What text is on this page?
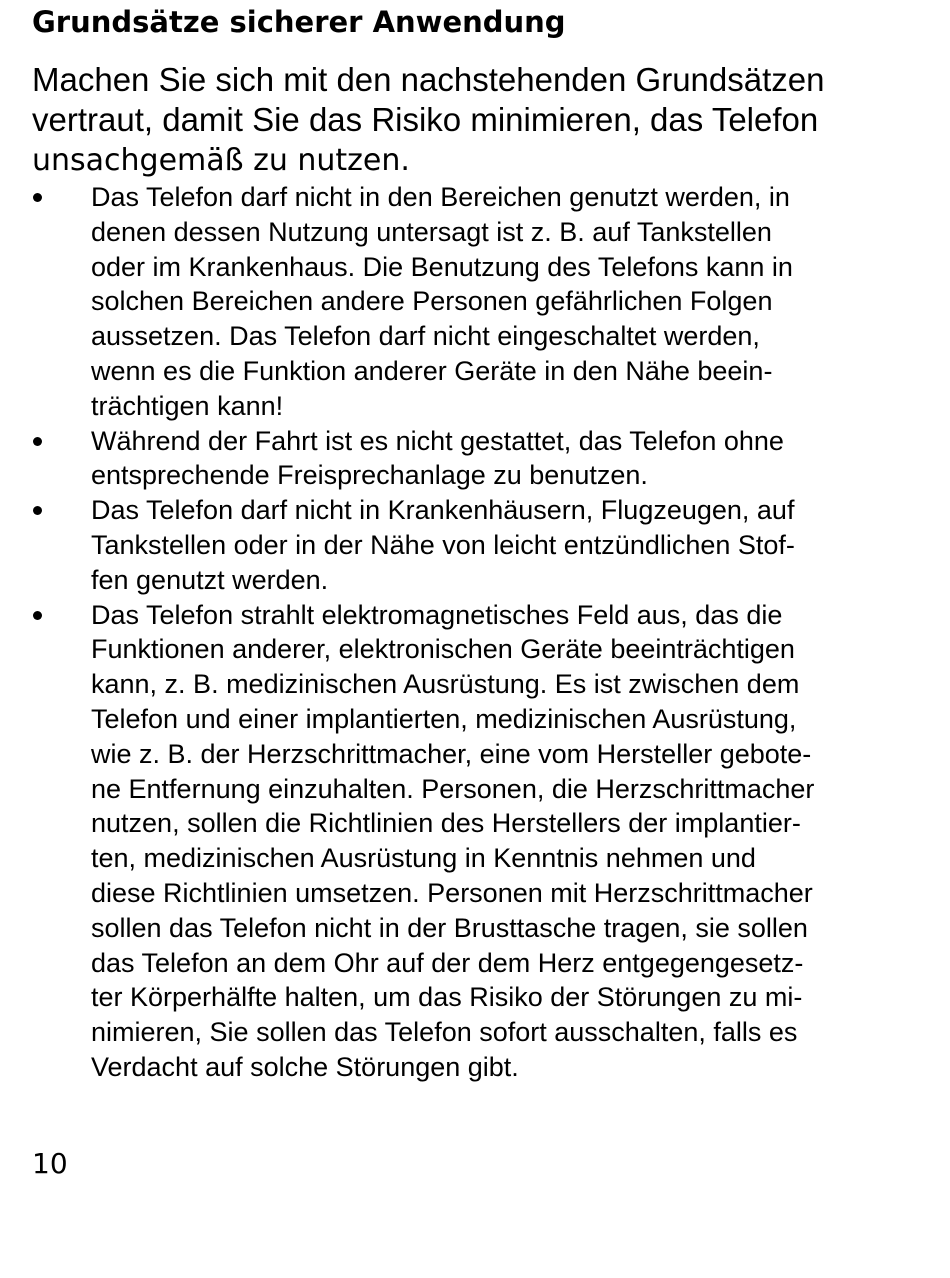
Grundsätze sicherer Anwendung
Machen Sie sich mit den nachstehenden Grundsätzen
vertraut, damit Sie das Risiko minimieren, das Telefon
unsachgemäß zu nutzen.
Das Telefon darf nicht in den Bereichen genutzt werden, in
denen dessen Nutzung untersagt ist z. B. auf Tankstellen
oder im Krankenhaus. Die Benutzung des Telefons kann in
solchen Bereichen andere Personen gefährlichen Folgen
aussetzen. Das Telefon darf nicht eingeschaltet werden,
wenn es die Funktion anderer Geräte in den Nähe beein-
trächtigen kann!
Während der Fahrt ist es nicht gestattet, das Telefon ohne
entsprechende Freisprechanlage zu benutzen.
Das Telefon darf nicht in Krankenhäusern, Flugzeugen, auf
Tankstellen oder in der Nähe von leicht entzündlichen Stof-
fen genutzt werden.
Das Telefon strahlt elektromagnetisches Feld aus, das die
Funktionen anderer, elektronischen Geräte beeinträchtigen
kann, z. B. medizinischen Ausrüstung. Es ist zwischen dem
Telefon und einer implantierten, medizinischen Ausrüstung,
wie z. B. der Herzschrittmacher, eine vom Hersteller gebote-
ne Entfernung einzuhalten. Personen, die Herzschrittmacher
nutzen, sollen die Richtlinien des Herstellers der implantier-
ten, medizinischen Ausrüstung in Kenntnis nehmen und
diese Richtlinien umsetzen. Personen mit Herzschrittmacher
sollen das Telefon nicht in der Brusttasche tragen, sie sollen
das Telefon an dem Ohr auf der dem Herz entgegengesetz-
ter Körperhälfte halten, um das Risiko der Störungen zu mi-
nimieren, Sie sollen das Telefon sofort ausschalten, falls es
Verdacht auf solche Störungen gibt.
10
